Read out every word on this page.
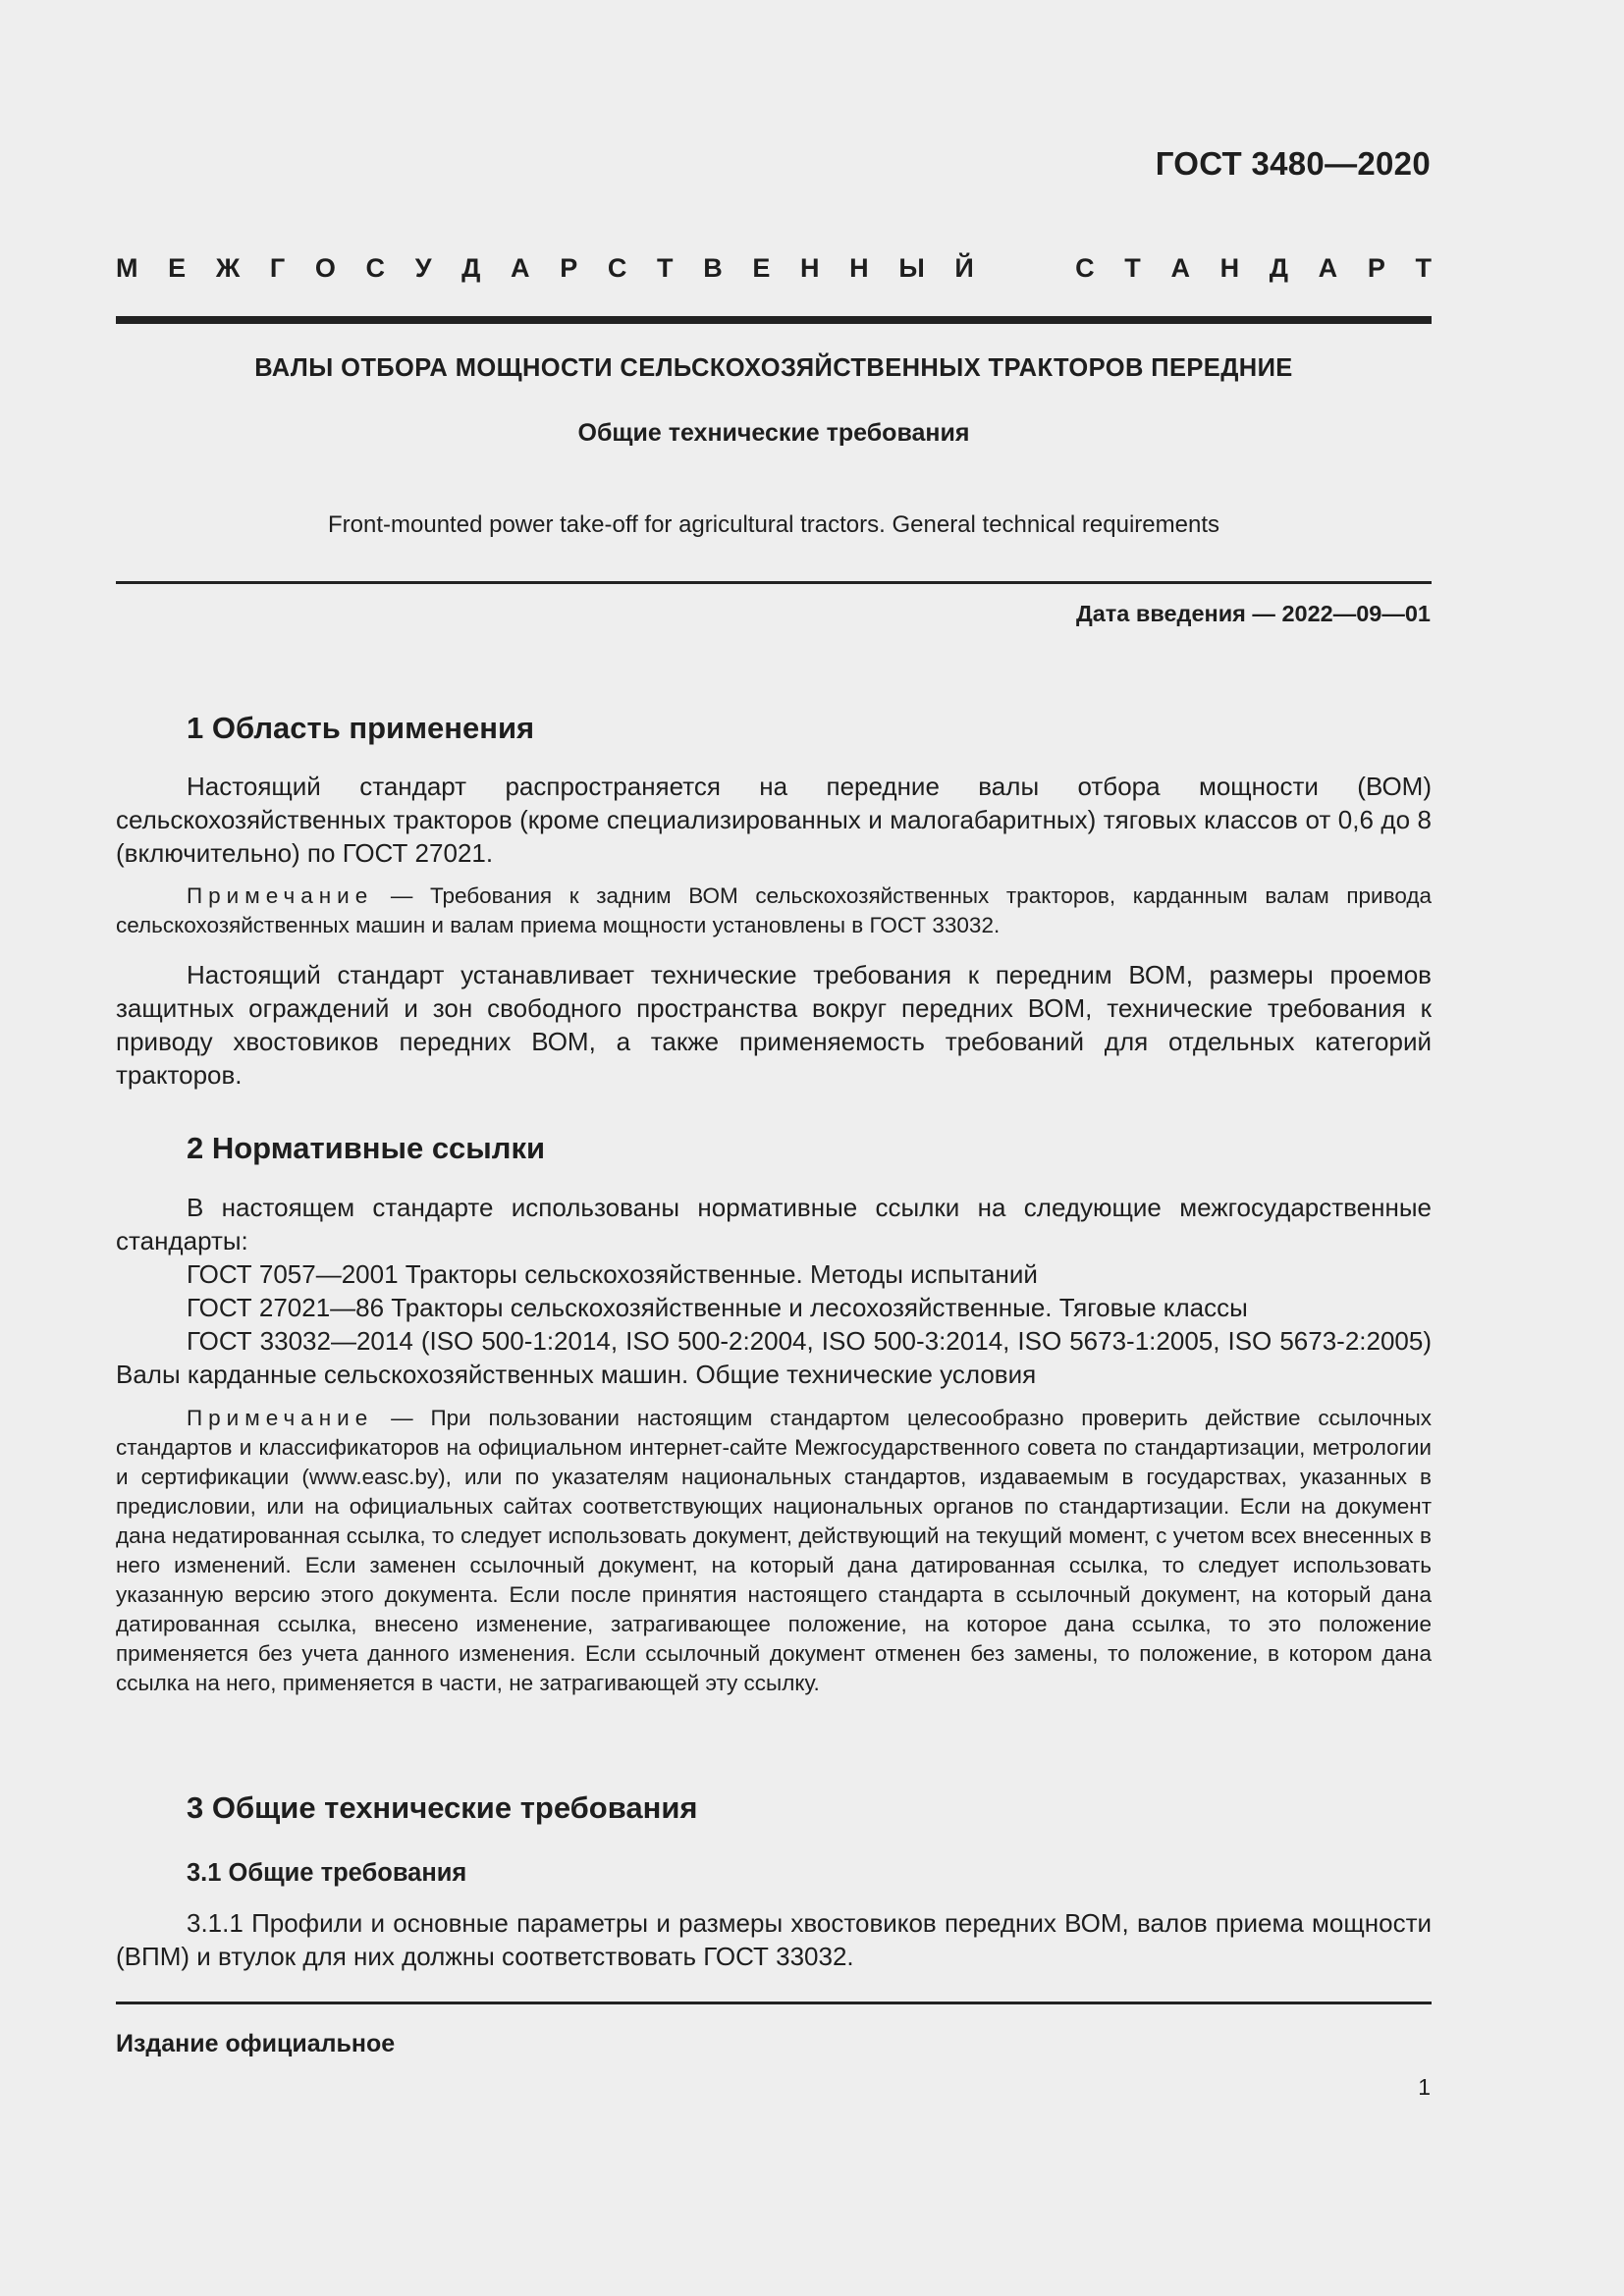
ГОСТ 3480—2020
М Е Ж Г О С У Д А Р С Т В Е Н Н Ы Й	С Т А Н Д А Р Т
ВАЛЫ ОТБОРА МОЩНОСТИ СЕЛЬСКОХОЗЯЙСТВЕННЫХ ТРАКТОРОВ ПЕРЕДНИЕ
Общие технические требования
Front-mounted power take-off for agricultural tractors. General technical requirements
Дата введения — 2022—09—01
1 Область применения

Настоящий стандарт распространяется на передние валы отбора мощности (ВОМ) сельскохозяйственных тракторов (кроме специализированных и малогабаритных) тяговых классов от 0,6 до 8 (включительно) по ГОСТ 27021.

Примечание — Требования к задним ВОМ сельскохозяйственных тракторов, карданным валам привода сельскохозяйственных машин и валам приема мощности установлены в ГОСТ 33032.

Настоящий стандарт устанавливает технические требования к передним ВОМ, размеры проемов защитных ограждений и зон свободного пространства вокруг передних ВОМ, технические требования к приводу хвостовиков передних ВОМ, а также применяемость требований для отдельных категорий тракторов.

2 Нормативные ссылки

В настоящем стандарте использованы нормативные ссылки на следующие межгосударственные стандарты:

ГОСТ 7057—2001 Тракторы сельскохозяйственные. Методы испытаний
ГОСТ 27021—86 Тракторы сельскохозяйственные и лесохозяйственные. Тяговые классы

ГОСТ 33032—2014 (ISO 500-1:2014, ISO 500-2:2004, ISO 500-3:2014, ISO 5673-1:2005, ISO 5673-2:2005) Валы карданные сельскохозяйственных машин. Общие технические условия

Примечание — При пользовании настоящим стандартом целесообразно проверить действие ссылочных стандартов и классификаторов на официальном интернет-сайте Межгосударственного совета по стандартизации, метрологии и сертификации (www.easc.by), или по указателям национальных стандартов, издаваемым в государствах, указанных в предисловии, или на официальных сайтах соответствующих национальных органов по стандартизации. Если на документ дана недатированная ссылка, то следует использовать документ, действующий на текущий момент, с учетом всех внесенных в него изменений. Если заменен ссылочный документ, на который дана датированная ссылка, то следует использовать указанную версию этого документа. Если после принятия настоящего стандарта в ссылочный документ, на который дана датированная ссылка, внесено изменение, затрагивающее положение, на которое дана ссылка, то это положение применяется без учета данного изменения. Если ссылочный документ отменен без замены, то положение, в котором дана ссылка на него, применяется в части, не затрагивающей эту ссылку.

3 Общие технические требования
3.1 Общие требования

3.1.1 Профили и основные параметры и размеры хвостовиков передних ВОМ, валов приема мощности (ВПМ) и втулок для них должны соответствовать ГОСТ 33032.

Издание официальное
1
